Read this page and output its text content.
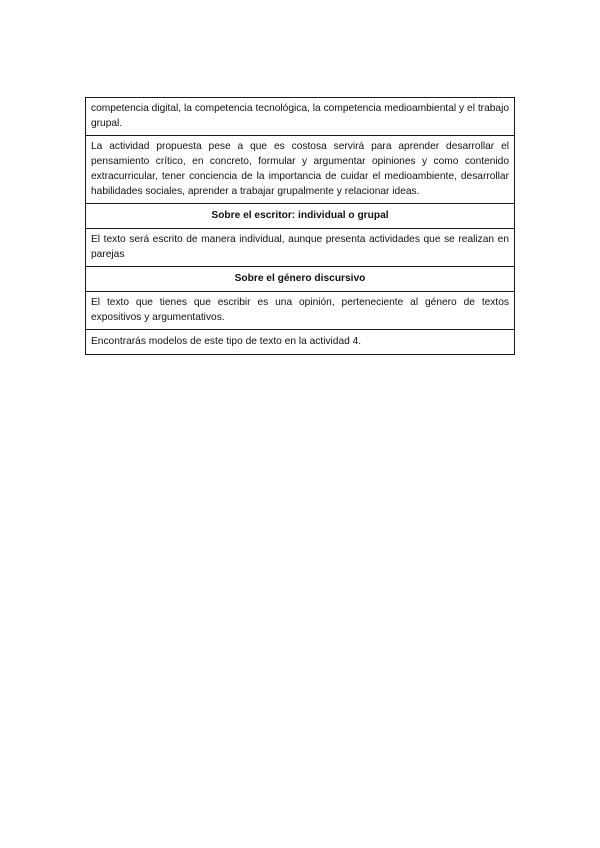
competencia digital, la competencia tecnológica, la competencia medioambiental y el trabajo grupal.
La actividad propuesta pese a que es costosa servirá para aprender desarrollar el pensamiento crítico, en concreto, formular y argumentar opiniones y como contenido extracurricular, tener conciencia de la importancia de cuidar el medioambiente, desarrollar habilidades sociales, aprender a trabajar grupalmente y relacionar ideas.
Sobre el escritor: individual o grupal
El texto será escrito de manera individual, aunque presenta actividades que se realizan en parejas
Sobre el género discursivo
El texto que tienes que escribir es una opinión, perteneciente al género de textos expositivos y argumentativos.
Encontrarás modelos de este tipo de texto en la actividad 4.
